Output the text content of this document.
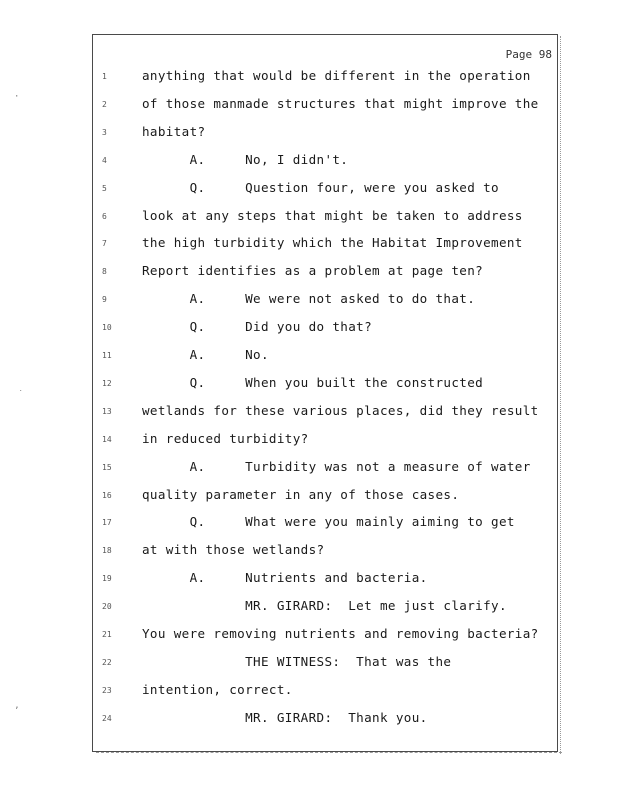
Page 98
1	anything that would be different in the operation
2	of those manmade structures that might improve the
3	habitat?
4	A.     No, I didn't.
5	Q.     Question four, were you asked to
6	look at any steps that might be taken to address
7	the high turbidity which the Habitat Improvement
8	Report identifies as a problem at page ten?
9	A.     We were not asked to do that.
10	Q.     Did you do that?
11	A.     No.
12	Q.     When you built the constructed
13	wetlands for these various places, did they result
14	in reduced turbidity?
15	A.     Turbidity was not a measure of water
16	quality parameter in any of those cases.
17	Q.     What were you mainly aiming to get
18	at with those wetlands?
19	A.     Nutrients and bacteria.
20	MR. GIRARD:  Let me just clarify.
21	You were removing nutrients and removing bacteria?
22	THE WITNESS:  That was the
23	intention, correct.
24	MR. GIRARD:  Thank you.
·
˙
ʼ
